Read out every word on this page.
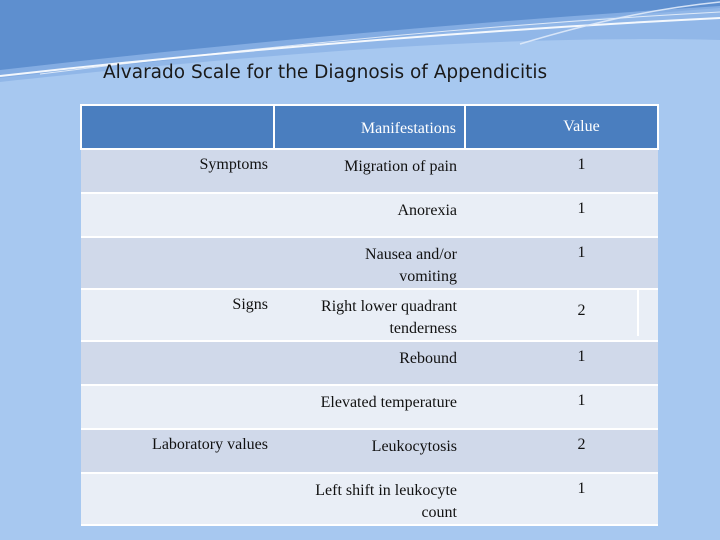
Alvarado Scale for the Diagnosis of Appendicitis

	Manifestations	Value

Symptoms	Migration of pain	1
	Anorexia	1
	Nausea and/or vomiting	1
Signs	Right lower quadrant tenderness	2
	Rebound	1
	Elevated temperature	1
Laboratory values	Leukocytosis	2
	Left shift in leukocyte count	1
